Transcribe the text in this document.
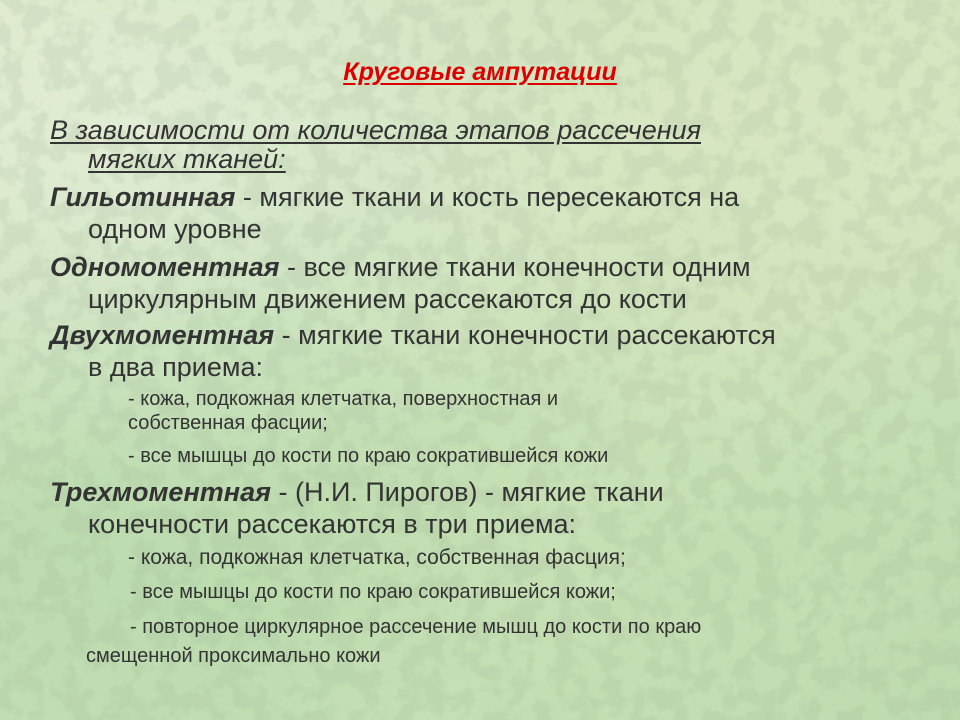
Круговые ампутации
В зависимости от количества этапов рассечения
мягких тканей:
Гильотинная - мягкие ткани и кость пересекаются на
одном уровне
Одномоментная - все мягкие ткани конечности одним
циркулярным движением рассекаются до кости
Двухмоментная - мягкие ткани конечности рассекаются
в два приема:
- кожа, подкожная клетчатка, поверхностная и
собственная фасции;
- все мышцы до кости по краю сократившейся кожи
Трехмоментная - (Н.И. Пирогов) - мягкие ткани
конечности рассекаются в три приема:
- кожа, подкожная клетчатка, собственная фасция;
- все мышцы до кости по краю сократившейся кожи;
- повторное циркулярное рассечение мышц до кости по краю
смещенной проксимально кожи
